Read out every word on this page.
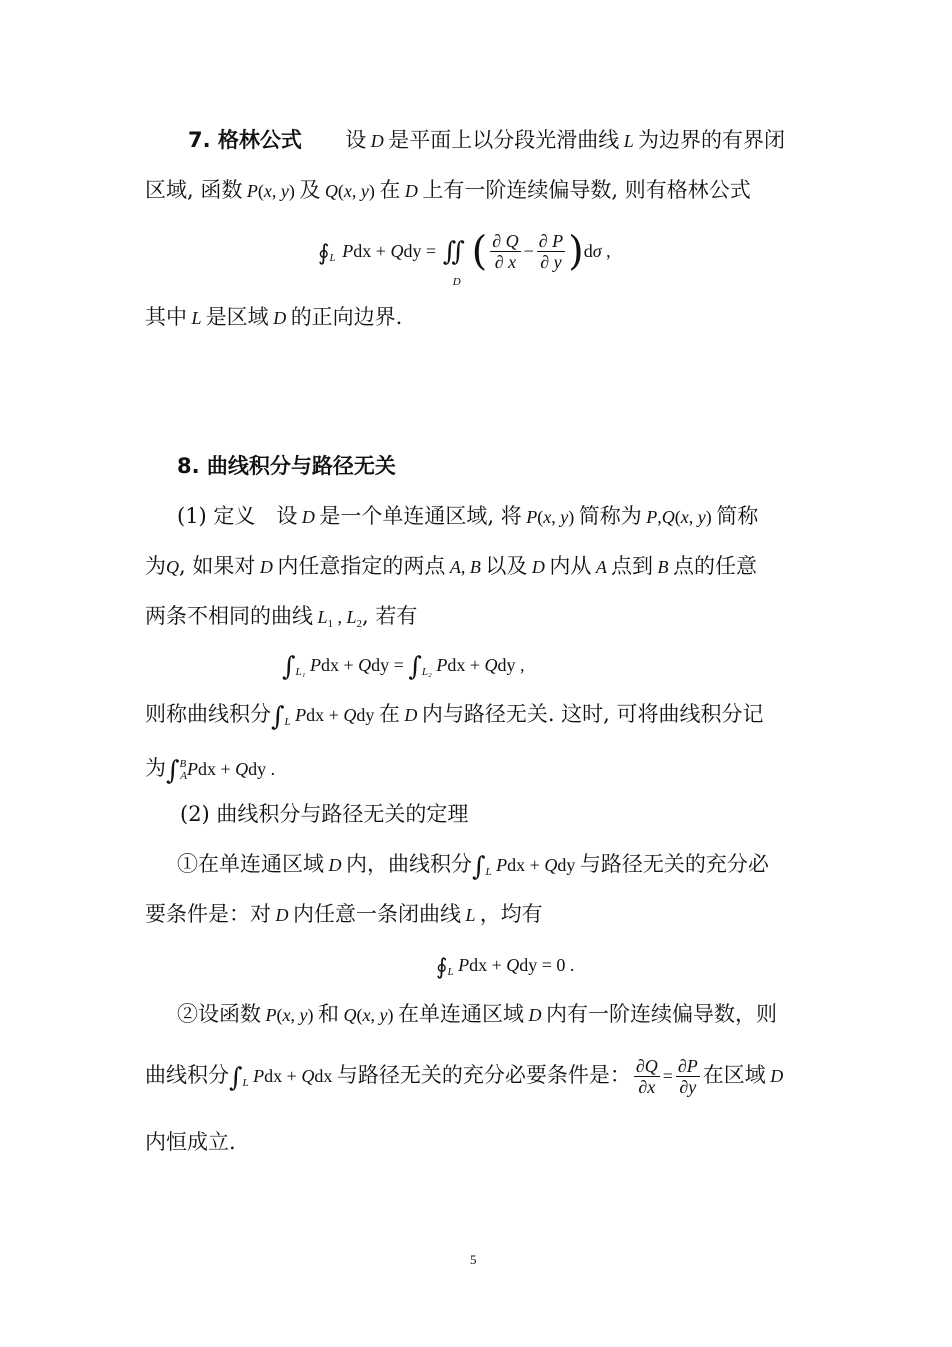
7. 格林公式 设 D 是平面上以分段光滑曲线 L 为边界的有界闭
区域, 函数 P(x, y) 及 Q(x, y) 在 D 上有一阶连续偏导数, 则有格林公式
$∮_L$ Pdx + Qdy = ∬
D
( $\frac{\partial Q}{\partial x} - \frac{\partial P}{\partial y} )d\sigma$ ,
其中 L 是区域 D 的正向边界.
8. 曲线积分与路径无关
(1) 定义　设 D 是一个单连通区域, 将 P(x, y) 简称为 P,Q(x, y) 简称
为Q, 如果对 D 内任意指定的两点 A, B 以及 D 内从 A 点到 B 点的任意
两条不相同的曲线 $L_1$ , $L_2$, 若有
$\int_{L_1}$ Pdx + Qdy = $\int_{L_2}$ Pdx + Qdy ,
则称曲线积分$\int_L$ Pdx + Qdy 在 D 内与路径无关. 这时, 可将曲线积分记
为∫$^B_A$Pdx + Qdy .
(2) 曲线积分与路径无关的定理
①在单连通区域 D 内，曲线积分$\int_L$ Pdx + Qdy 与路径无关的充分必
要条件是：对 D 内任意一条闭曲线 L ，均有
$∮_L$ Pdx + Qdy = 0 .
②设函数 P(x, y) 和 Q(x, y) 在单连通区域 D 内有一阶连续偏导数，则
曲线积分$\int_L$ Pdx + Qdx 与路径无关的充分必要条件是： $\frac{\partial Q}{\partial x} = \frac{\partial P}{\partial y}$ 在区域 D
内恒成立.
5
